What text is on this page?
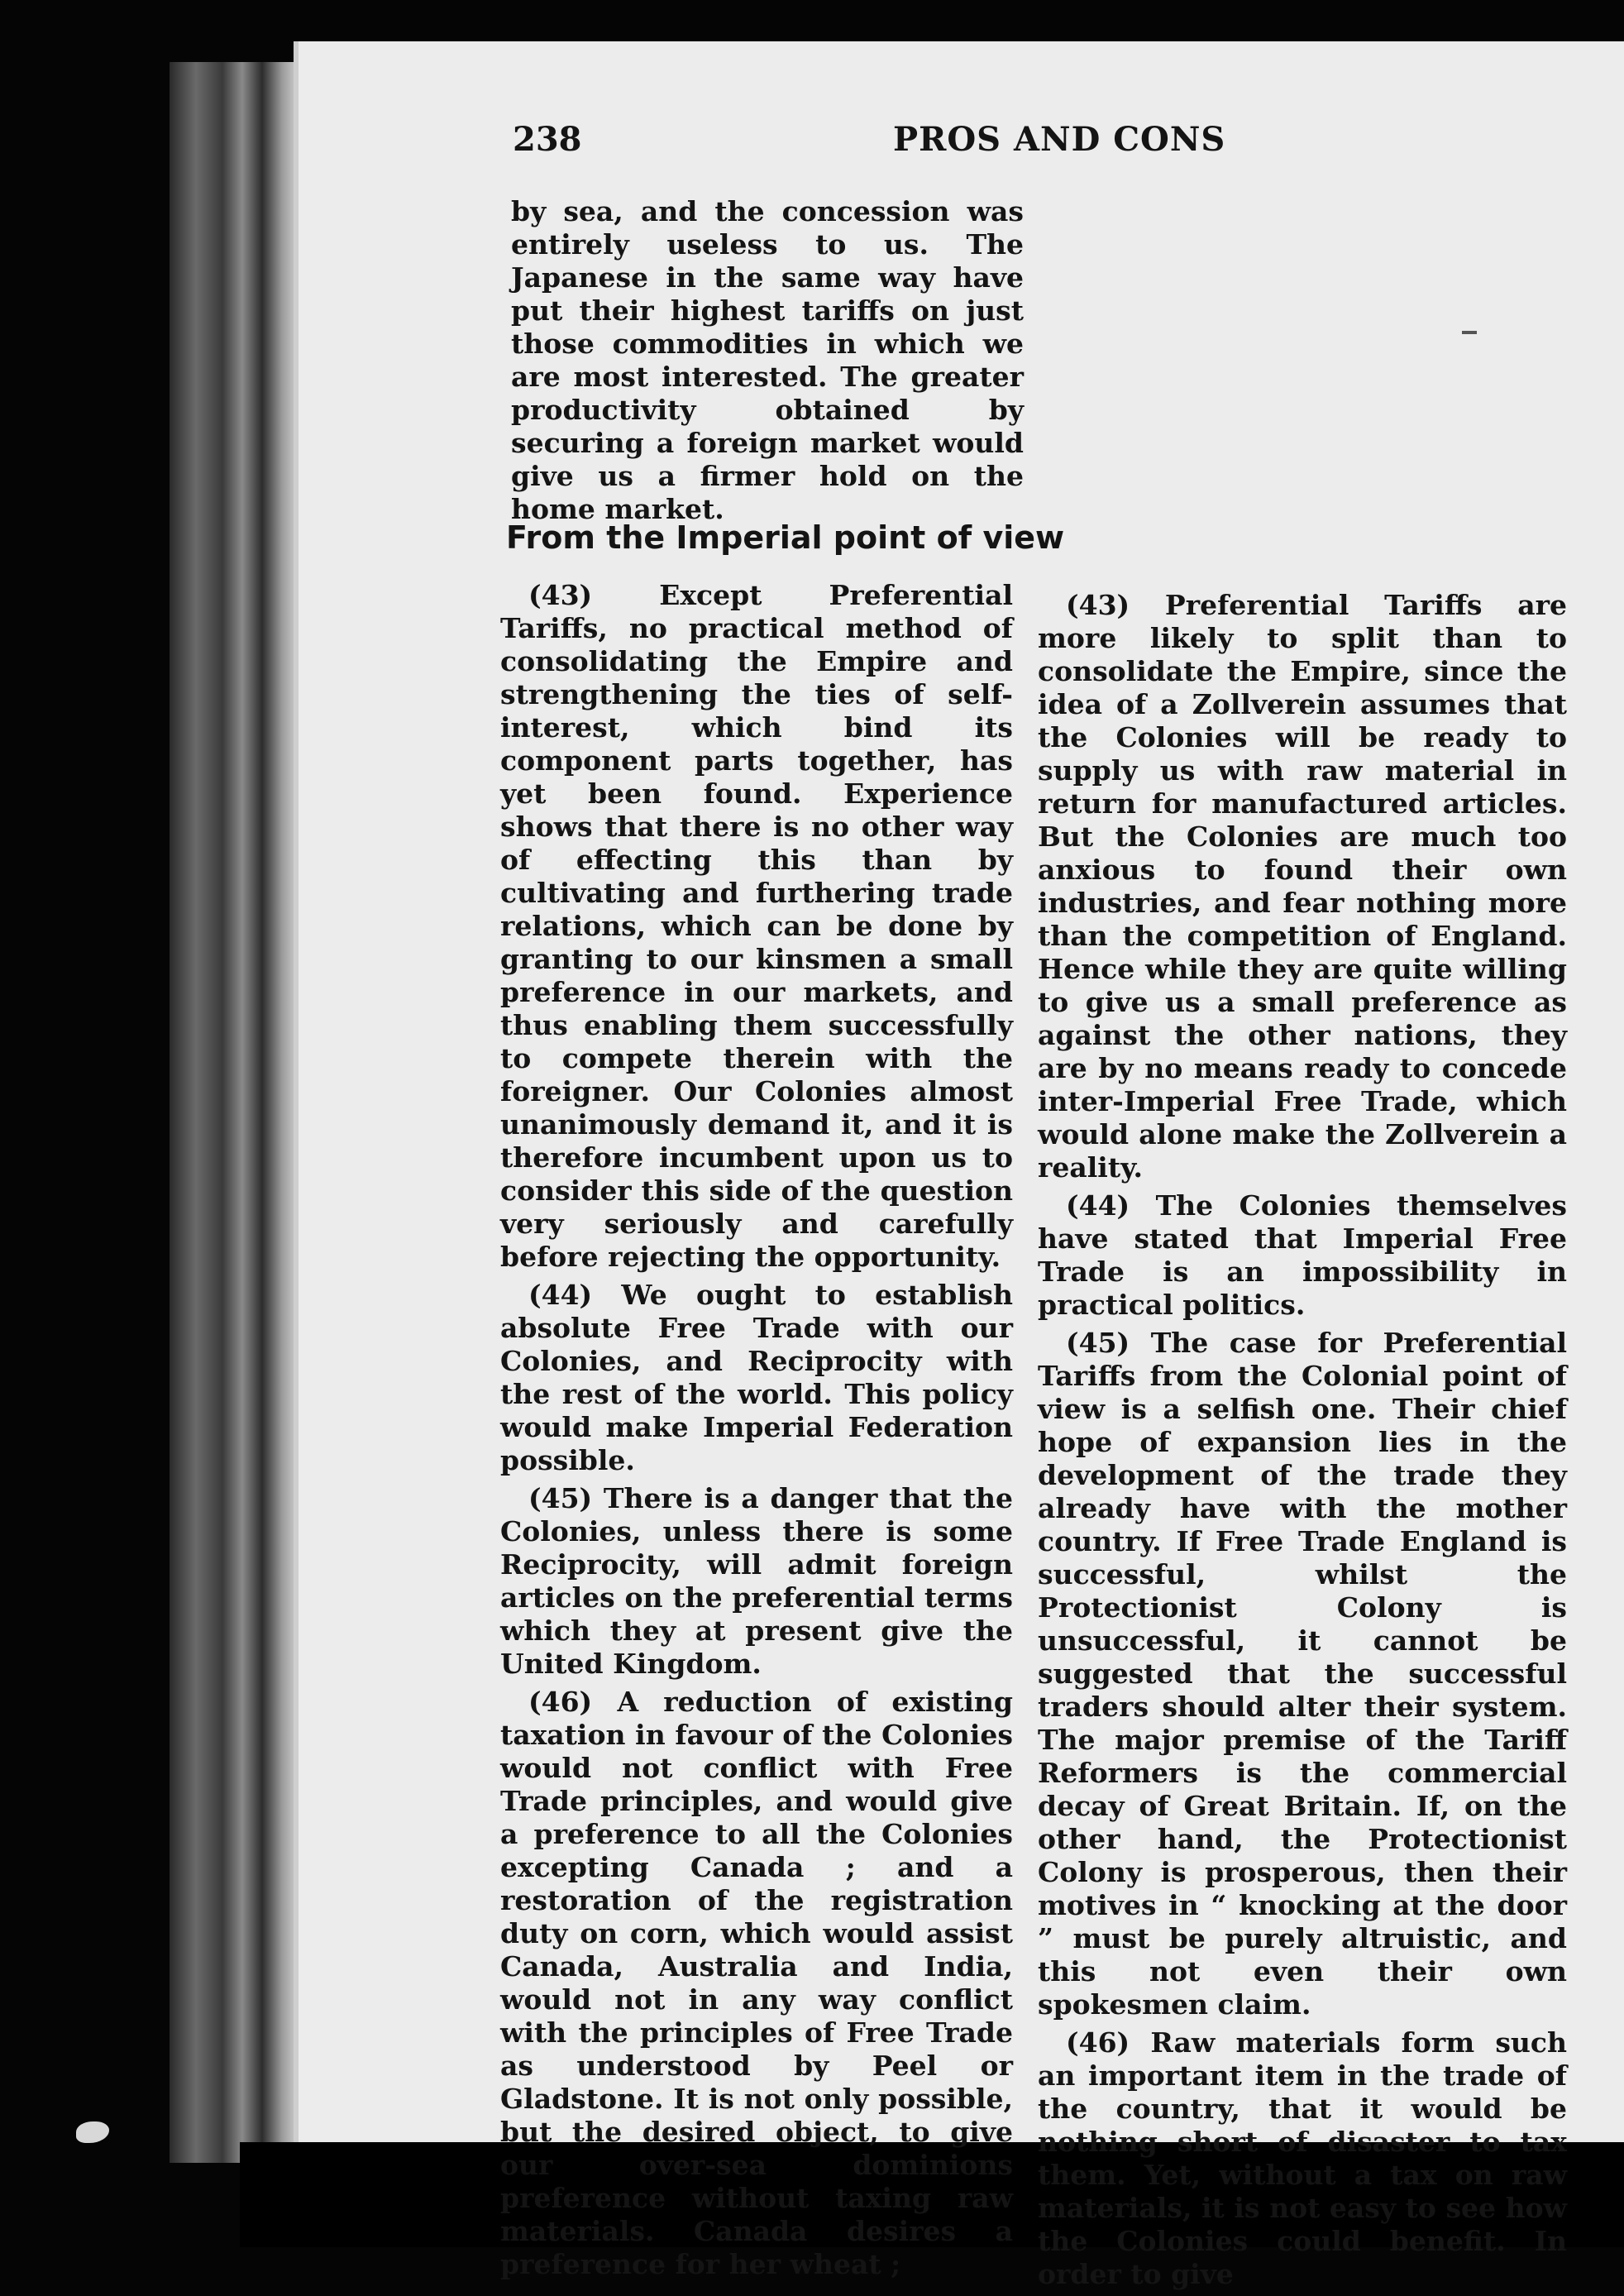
238	PROS AND CONS
by sea, and the concession was entirely useless to us. The Japanese in the same way have put their highest tariffs on just those commodities in which we are most interested. The greater productivity obtained by securing a foreign market would give us a firmer hold on the home market.
From the Imperial point of view

(43) Except Preferential Tariffs, no practical method of consolidating the Empire and strengthening the ties of self-interest, which bind its component parts together, has yet been found. Experience shows that there is no other way of effecting this than by cultivating and furthering trade relations, which can be done by granting to our kinsmen a small preference in our markets, and thus enabling them successfully to compete therein with the foreigner. Our Colonies almost unanimously demand it, and it is therefore incumbent upon us to consider this side of the question very seriously and carefully before rejecting the opportunity.

(44) We ought to establish absolute Free Trade with our Colonies, and Reciprocity with the rest of the world. This policy would make Imperial Federation possible.

(45) There is a danger that the Colonies, unless there is some Reciprocity, will admit foreign articles on the preferential terms which they at present give the United Kingdom.

(46) A reduction of existing taxation in favour of the Colonies would not conflict with Free Trade principles, and would give a preference to all the Colonies excepting Canada ; and a restoration of the registration duty on corn, which would assist Canada, Australia and India, would not in any way conflict with the principles of Free Trade as understood by Peel or Gladstone. It is not only possible, but the desired object, to give our over-sea dominions preference without taxing raw materials. Canada desires a preference for her wheat ;

(43) Preferential Tariffs are more likely to split than to consolidate the Empire, since the idea of a Zollverein assumes that the Colonies will be ready to supply us with raw material in return for manufactured articles. But the Colonies are much too anxious to found their own industries, and fear nothing more than the competition of England. Hence while they are quite willing to give us a small preference as against the other nations, they are by no means ready to concede inter-Imperial Free Trade, which would alone make the Zollverein a reality.

(44) The Colonies themselves have stated that Imperial Free Trade is an impossibility in practical politics.

(45) The case for Preferential Tariffs from the Colonial point of view is a selfish one. Their chief hope of expansion lies in the development of the trade they already have with the mother country. If Free Trade England is successful, whilst the Protectionist Colony is unsuccessful, it cannot be suggested that the successful traders should alter their system. The major premise of the Tariff Reformers is the commercial decay of Great Britain. If, on the other hand, the Protectionist Colony is prosperous, then their motives in “ knocking at the door ” must be purely altruistic, and this not even their own spokesmen claim.

(46) Raw materials form such an important item in the trade of the country, that it would be nothing short of disaster to tax them. Yet, without a tax on raw materials, it is not easy to see how the Colonies could benefit. In order to give
